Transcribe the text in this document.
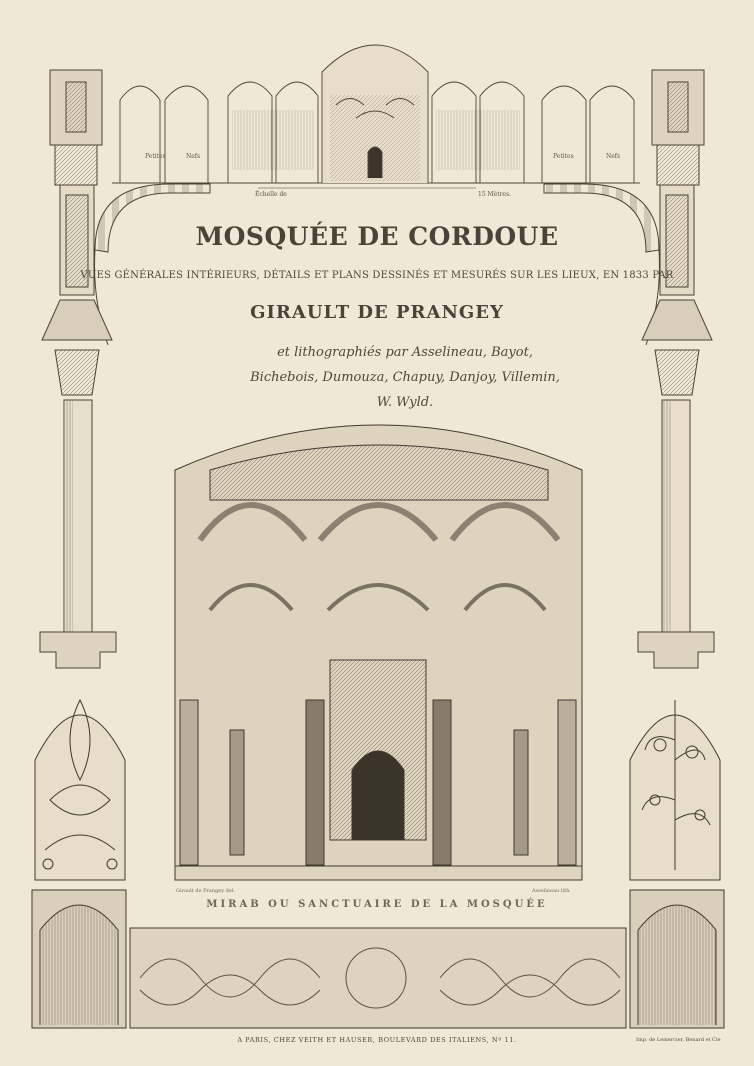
Échelle de	15 Mètres.
Petites	Nefs	Petites	Nefs
MOSQUÉE DE CORDOUE
VUES GÉNÉRALES INTÉRIEURS, DÉTAILS ET PLANS DESSINÉS ET MESURÉS SUR LES LIEUX, EN 1833 PAR
GIRAULT DE PRANGEY
et lithographiés par Asselineau, Bayot, Bichebois, Dumouza, Chapuy, Danjoy, Villemin, W. Wyld.
MIRAB OU SANCTUAIRE DE LA MOSQUÉE
Girault de Prangey del.	Asselineau lith.
A PARIS, CHEZ VEITH ET HAUSER, BOULEVARD DES ITALIENS, Nº 11.	Imp. de Lemercier, Benard et Cie
